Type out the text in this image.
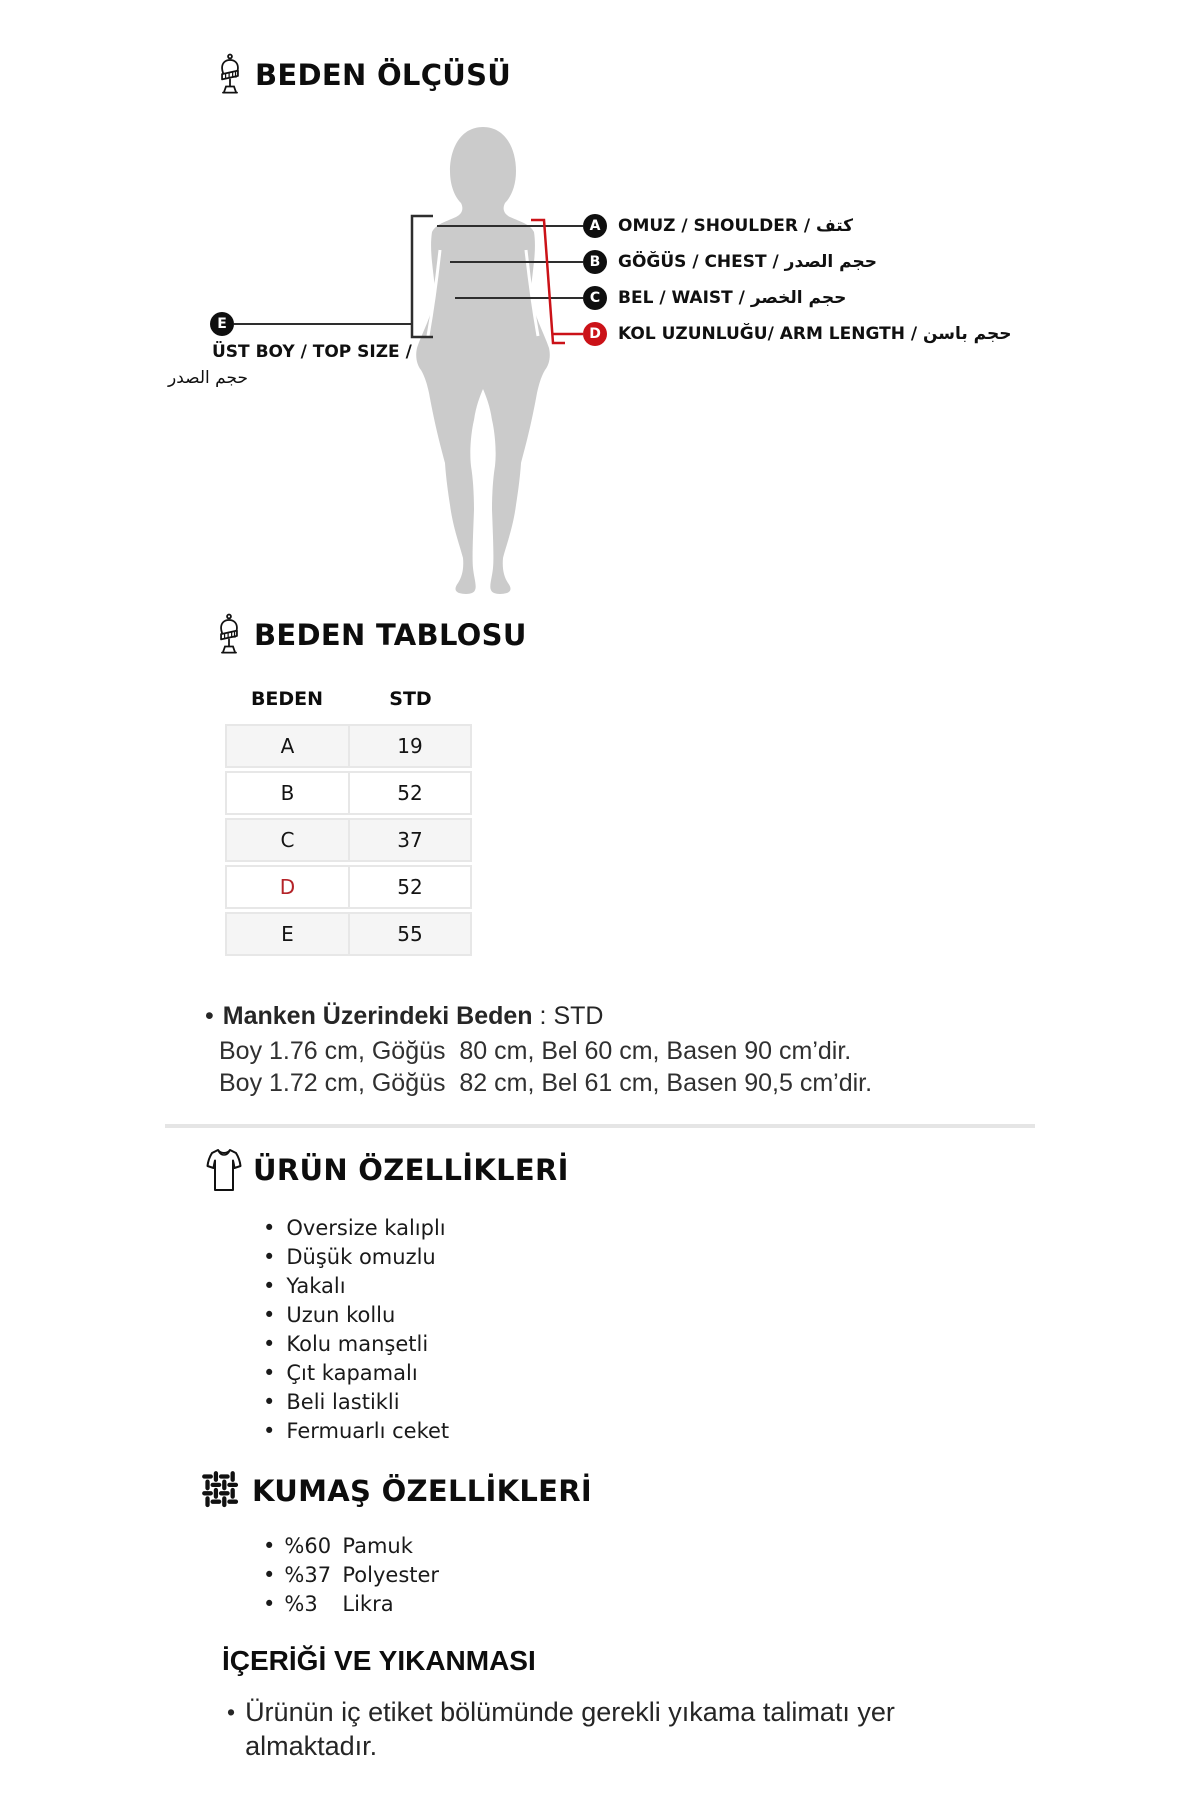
BEDEN ÖLÇÜSÜ
A	OMUZ / SHOULDER / كتف
B	GÖĞÜS / CHEST / حجم الصدر
C	BEL / WAIST / حجم الخصر
D	KOL UZUNLUĞU/ ARM LENGTH / حجم باسن
E
ÜST BOY / TOP SIZE /
حجم الصدر
BEDEN TABLOSU
BEDEN	STD
A	19
B	52
C	37
D	52
E	55
• Manken Üzerindeki Beden : STD
Boy 1.76 cm, Göğüs  80 cm, Bel 60 cm, Basen 90 cm’dir.
Boy 1.72 cm, Göğüs  82 cm, Bel 61 cm, Basen 90,5 cm’dir.
ÜRÜN ÖZELLİKLERİ
• Oversize kalıplı
• Düşük omuzlu
• Yakalı
• Uzun kollu
• Kolu manşetli
• Çıt kapamalı
• Beli lastikli
• Fermuarlı ceket
KUMAŞ ÖZELLİKLERİ
• %60 Pamuk
• %37 Polyester
• %3	Likra
İÇERİĞİ VE YIKANMASI
• Ürünün iç etiket bölümünde gerekli yıkama talimatı yer almaktadır.
